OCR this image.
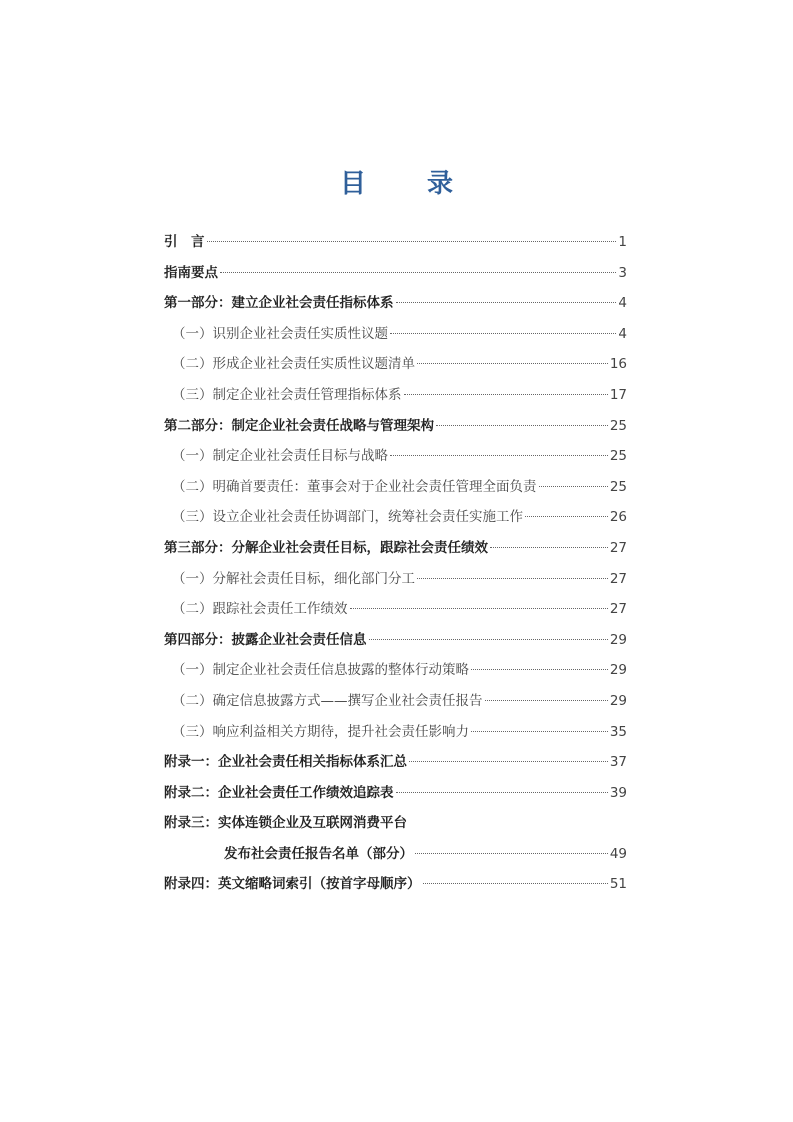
目 录
引　言	1
指南要点	3
第一部分：建立企业社会责任指标体系	4
（一）识别企业社会责任实质性议题	4
（二）形成企业社会责任实质性议题清单	16
（三）制定企业社会责任管理指标体系	17
第二部分：制定企业社会责任战略与管理架构	25
（一）制定企业社会责任目标与战略	25
（二）明确首要责任：董事会对于企业社会责任管理全面负责	25
（三）设立企业社会责任协调部门，统筹社会责任实施工作	26
第三部分：分解企业社会责任目标，跟踪社会责任绩效	27
（一）分解社会责任目标，细化部门分工	27
（二）跟踪社会责任工作绩效	27
第四部分：披露企业社会责任信息	29
（一）制定企业社会责任信息披露的整体行动策略	29
（二）确定信息披露方式——撰写企业社会责任报告	29
（三）响应利益相关方期待，提升社会责任影响力	35
附录一：企业社会责任相关指标体系汇总	37
附录二：企业社会责任工作绩效追踪表	39
附录三：实体连锁企业及互联网消费平台
发布社会责任报告名单（部分）	49
附录四：英文缩略词索引（按首字母顺序）	51
